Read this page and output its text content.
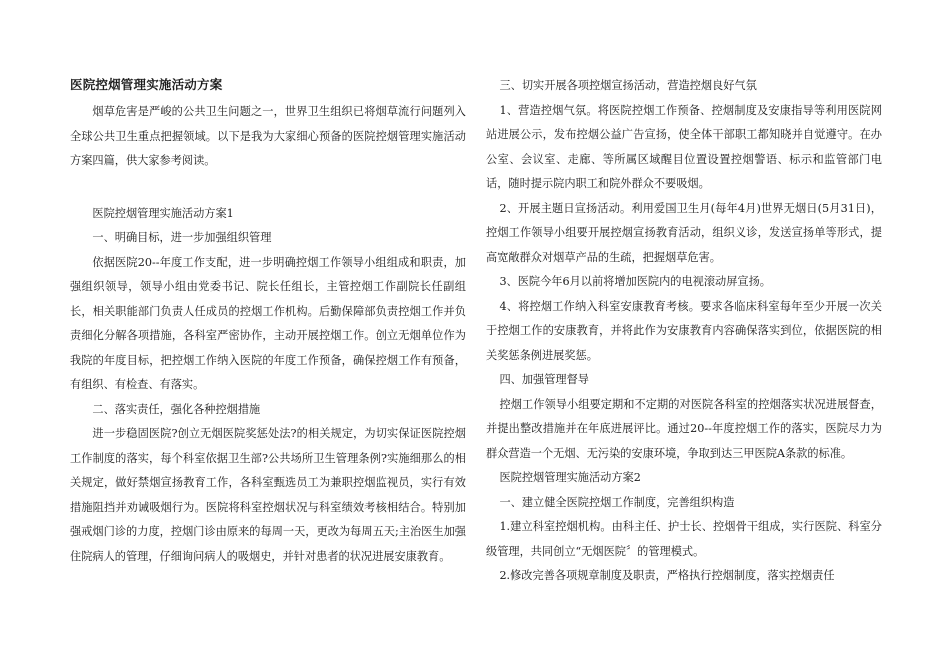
医院控烟管理实施活动方案

烟草危害是严峻的公共卫生问题之一，世界卫生组织已将烟草流行问题列入全球公共卫生重点把握领域。以下是我为大家细心预备的医院控烟管理实施活动方案四篇，供大家参考阅读。

医院控烟管理实施活动方案1

一、明确目标，进一步加强组织管理

依据医院20--年度工作支配，进一步明确控烟工作领导小组组成和职责，加强组织领导，领导小组由党委书记、院长任组长，主管控烟工作副院长任副组长，相关职能部门负责人任成员的控烟工作机构。后勤保障部负责控烟工作并负责细化分解各项措施，各科室严密协作，主动开展控烟工作。创立无烟单位作为我院的年度目标，把控烟工作纳入医院的年度工作预备，确保控烟工作有预备，有组织、有检查、有落实。

二、落实责任，强化各种控烟措施

进一步稳固医院?创立无烟医院奖惩处法?的相关规定，为切实保证医院控烟工作制度的落实，每个科室依据卫生部?公共场所卫生管理条例?实施细那么的相关规定，做好禁烟宣扬教育工作，各科室甄选员工为兼职控烟监视员，实行有效措施阻挡并劝诫吸烟行为。医院将科室控烟状况与科室绩效考核相结合。特别加强戒烟门诊的力度，控烟门诊由原来的每周一天，更改为每周五天;主治医生加强住院病人的管理，仔细询问病人的吸烟史，并针对患者的状况进展安康教育。

三、切实开展各项控烟宣扬活动，营造控烟良好气氛

1、营造控烟气氛。将医院控烟工作预备、控烟制度及安康指导等利用医院网站进展公示，发布控烟公益广告宣扬，使全体干部职工都知晓并自觉遵守。在办公室、会议室、走廊、等所属区域醒目位置设置控烟警语、标示和监管部门电话，随时提示院内职工和院外群众不要吸烟。

2、开展主题日宣扬活动。利用爱国卫生月(每年4月)世界无烟日(5月31日)，控烟工作领导小组要开展控烟宣扬教育活动，组织义诊，发送宣扬单等形式，提高宽敞群众对烟草产品的生疏，把握烟草危害。

3、医院今年6月以前将增加医院内的电视滚动屏宣扬。

4、将控烟工作纳入科室安康教育考核。要求各临床科室每年至少开展一次关于控烟工作的安康教育，并将此作为安康教育内容确保落实到位，依据医院的相关奖惩条例进展奖惩。

四、加强管理督导

控烟工作领导小组要定期和不定期的对医院各科室的控烟落实状况进展督查，并提出整改措施并在年底进展评比。通过20--年度控烟工作的落实，医院尽力为群众营造一个无烟、无污染的安康环境，争取到达三甲医院A条款的标准。

医院控烟管理实施活动方案2

一、建立健全医院控烟工作制度，完善组织构造

1.建立科室控烟机构。由科主任、护士长、控烟骨干组成，实行医院、科室分级管理，共同创立“无烟医院〞的管理模式。

2.修改完善各项规章制度及职责，严格执行控烟制度，落实控烟责任
